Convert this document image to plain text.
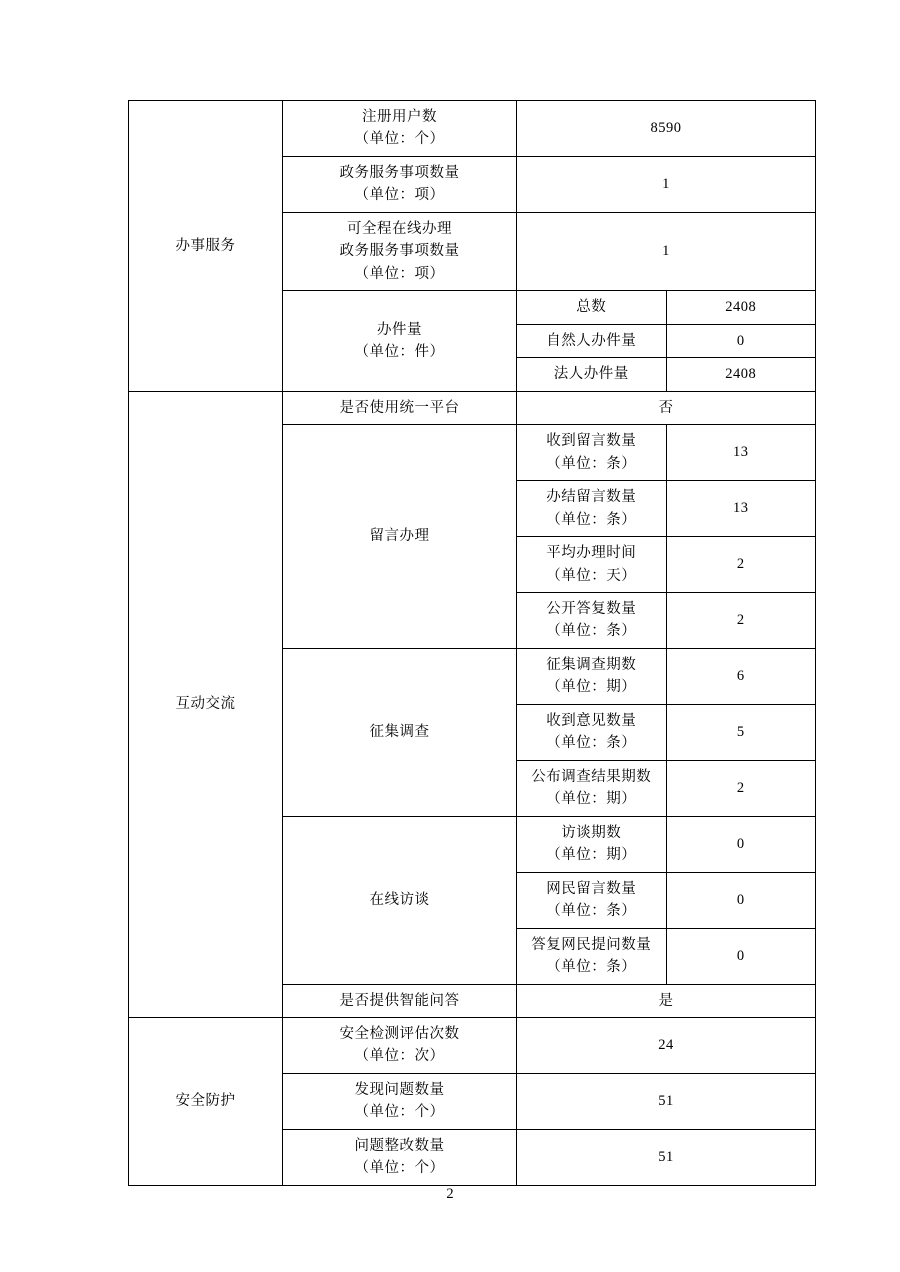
办事服务	注册用户数
（单位：个）	8590	

	政务服务事项数量
（单位：项）	1	

	可全程在线办理
政务服务事项数量
（单位：项）	1	

	办件量
（单位：件）	总数	2408

		自然人办件量	0

		法人办件量	2408
互动交流	是否使用统一平台	否	

	留言办理	收到留言数量
（单位：条）	13

		办结留言数量
（单位：条）	13

		平均办理时间
（单位：天）	2

		公开答复数量
（单位：条）	2

	征集调查	征集调查期数
（单位：期）	6

		收到意见数量
（单位：条）	5

		公布调查结果期数
（单位：期）	2

	在线访谈	访谈期数
（单位：期）	0

		网民留言数量
（单位：条）	0

		答复网民提问数量
（单位：条）	0

	是否提供智能问答	是	
安全防护	安全检测评估次数
（单位：次）	24	

	发现问题数量
（单位：个）	51	

	问题整改数量
（单位：个）	51	
2
